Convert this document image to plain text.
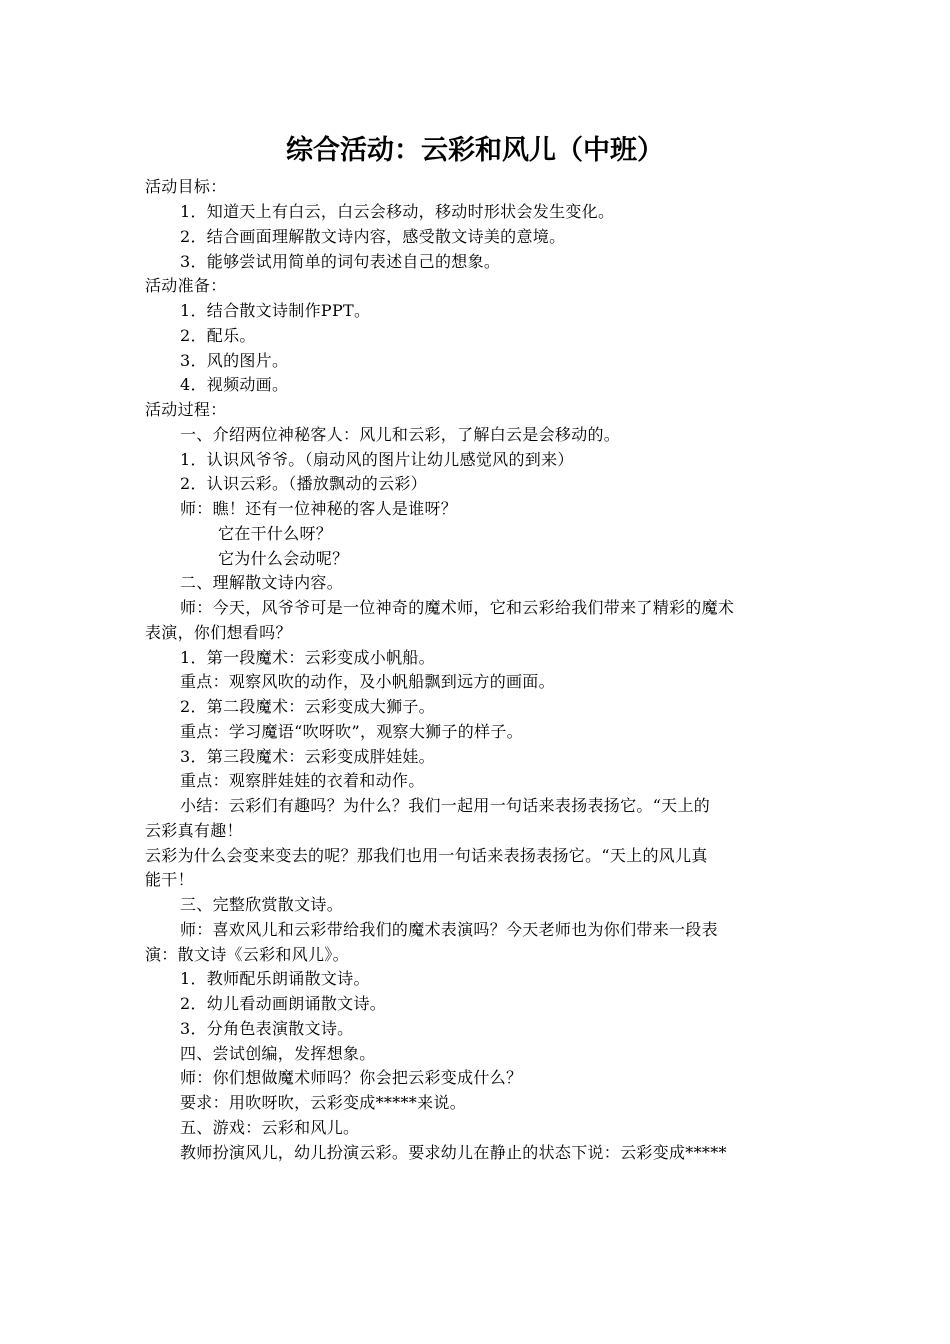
综合活动：云彩和风儿（中班）
活动目标：
1．知道天上有白云，白云会移动，移动时形状会发生变化。
2．结合画面理解散文诗内容，感受散文诗美的意境。
3．能够尝试用简单的词句表述自己的想象。
活动准备：
1．结合散文诗制作PPT。
2．配乐。
3．风的图片。
4．视频动画。
活动过程：
一、介绍两位神秘客人：风儿和云彩，了解白云是会移动的。
1．认识风爷爷。（扇动风的图片让幼儿感觉风的到来）
2．认识云彩。（播放飘动的云彩）
师：瞧！还有一位神秘的客人是谁呀？
它在干什么呀？
它为什么会动呢？
二、理解散文诗内容。
师：今天，风爷爷可是一位神奇的魔术师，它和云彩给我们带来了精彩的魔术
表演，你们想看吗？
1．第一段魔术：云彩变成小帆船。
重点：观察风吹的动作，及小帆船飘到远方的画面。
2．第二段魔术：云彩变成大狮子。
重点：学习魔语“吹呀吹”，观察大狮子的样子。
3．第三段魔术：云彩变成胖娃娃。
重点：观察胖娃娃的衣着和动作。
小结：云彩们有趣吗？为什么？我们一起用一句话来表扬表扬它。“天上的
云彩真有趣！
云彩为什么会变来变去的呢？那我们也用一句话来表扬表扬它。“天上的风儿真
能干！
三、完整欣赏散文诗。
师：喜欢风儿和云彩带给我们的魔术表演吗？今天老师也为你们带来一段表
演：散文诗《云彩和风儿》。
1．教师配乐朗诵散文诗。
2．幼儿看动画朗诵散文诗。
3．分角色表演散文诗。
四、尝试创编，发挥想象。
师：你们想做魔术师吗？你会把云彩变成什么？
要求：用吹呀吹，云彩变成*****来说。
五、游戏：云彩和风儿。
教师扮演风儿，幼儿扮演云彩。要求幼儿在静止的状态下说：云彩变成*****
